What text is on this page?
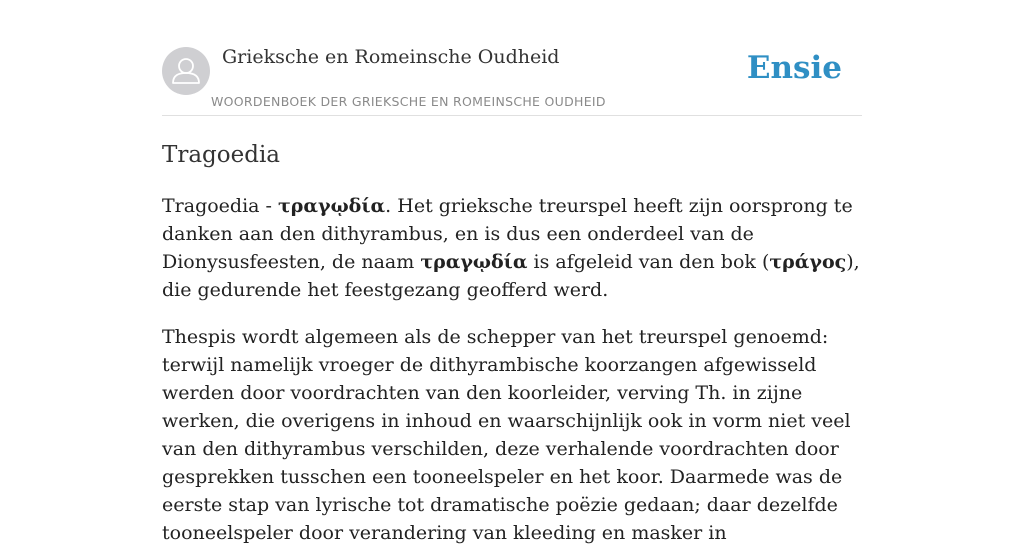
Grieksche en Romeinsche Oudheid
WOORDENBOEK DER GRIEKSCHE EN ROMEINSCHE OUDHEID
Ensie
Tragoedia

Tragoedia - τραγῳδία. Het grieksche treurspel heeft zijn oorsprong te danken aan den dithyrambus, en is dus een onderdeel van de Dionysusfeesten, de naam τραγῳδία is afgeleid van den bok (τράγος), die gedurende het feestgezang geofferd werd.

Thespis wordt algemeen als de schepper van het treurspel genoemd: terwijl namelijk vroeger de dithyrambische koorzangen afgewisseld werden door voordrachten van den koorleider, verving Th. in zijne werken, die overigens in inhoud en waarschijnlijk ook in vorm niet veel van den dithyrambus verschilden, deze verhalende voordrachten door gesprekken tusschen een tooneelspeler en het koor. Daarmede was de eerste stap van lyrische tot dramatische poëzie gedaan; daar dezelfde tooneelspeler door verandering van kleeding en masker in
